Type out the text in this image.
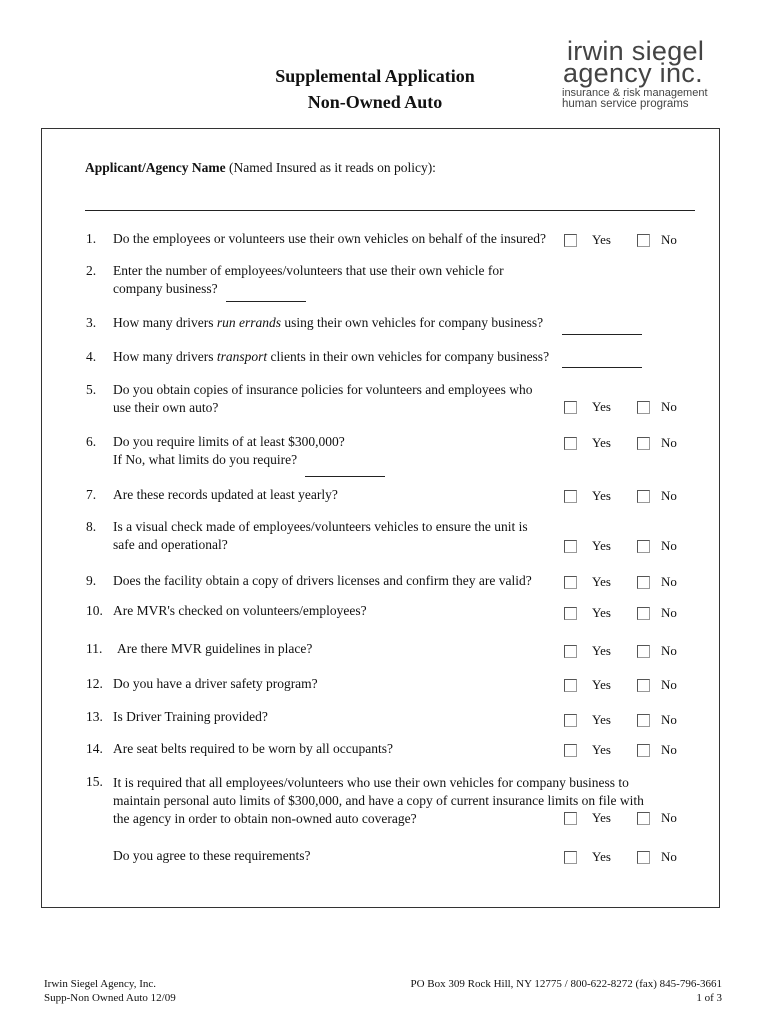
Supplemental Application
Non-Owned Auto
irwin siegel
agency inc.
insurance & risk management
human service programs
Applicant/Agency Name (Named Insured as it reads on policy):
1. Do the employees or volunteers use their own vehicles on behalf of the insured?
2. Enter the number of employees/volunteers that use their own vehicle for
company business?
3. How many drivers run errands using their own vehicles for company business?
4. How many drivers transport clients in their own vehicles for company business?
5. Do you obtain copies of insurance policies for volunteers and employees who
use their own auto?
6. Do you require limits of at least $300,000?
If No, what limits do you require?
7. Are these records updated at least yearly?
8. Is a visual check made of employees/volunteers vehicles to ensure the unit is
safe and operational?
9. Does the facility obtain a copy of drivers licenses and confirm they are valid?
10. Are MVR's checked on volunteers/employees?
11. Are there MVR guidelines in place?
12. Do you have a driver safety program?
13. Is Driver Training provided?
14. Are seat belts required to be worn by all occupants?
15. It is required that all employees/volunteers who use their own vehicles for company business to
maintain personal auto limits of $300,000, and have a copy of current insurance limits on file with
the agency in order to obtain non-owned auto coverage?
Do you agree to these requirements?
Yes	No
Yes	No
Yes	No
Yes	No
Yes	No
Yes	No
Yes	No
Yes	No
Yes	No
Yes	No
Yes	No
Yes	No
Yes	No
Irwin Siegel Agency, Inc.
Supp-Non Owned Auto 12/09
PO Box 309 Rock Hill, NY 12775 / 800-622-8272 (fax) 845-796-3661
1 of 3
